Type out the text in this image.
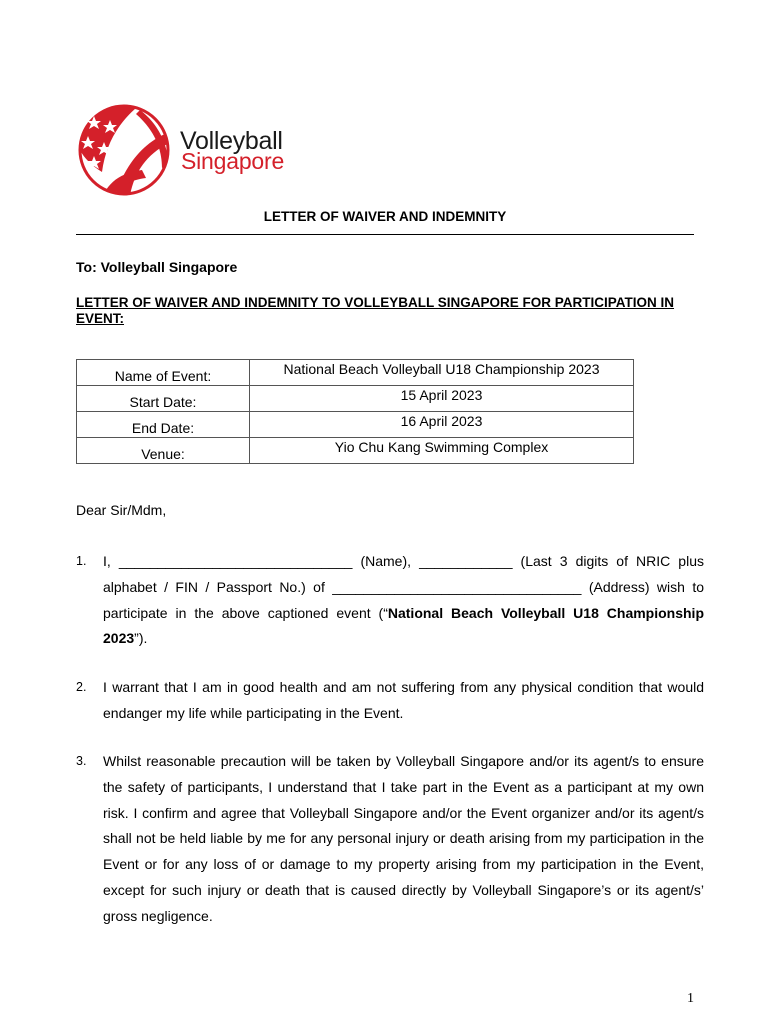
Volleyball
Singapore
LETTER OF WAIVER AND INDEMNITY
To: Volleyball Singapore
LETTER OF WAIVER AND INDEMNITY TO VOLLEYBALL SINGAPORE FOR PARTICIPATION IN EVENT:
Name of Event:	National Beach Volleyball U18 Championship 2023
Start Date:	15 April 2023
End Date:	16 April 2023
Venue:	Yio Chu Kang Swimming Complex
Dear Sir/Mdm,
1.	I, ______________________________ (Name), ____________ (Last 3 digits of NRIC plus alphabet / FIN / Passport No.) of ________________________________ (Address) wish to participate in the above captioned event (“National Beach Volleyball U18 Championship 2023”).
2.	I warrant that I am in good health and am not suffering from any physical condition that would endanger my life while participating in the Event.
3.	Whilst reasonable precaution will be taken by Volleyball Singapore and/or its agent/s to ensure the safety of participants, I understand that I take part in the Event as a participant at my own risk. I confirm and agree that Volleyball Singapore and/or the Event organizer and/or its agent/s shall not be held liable by me for any personal injury or death arising from my participation in the Event or for any loss of or damage to my property arising from my participation in the Event, except for such injury or death that is caused directly by Volleyball Singapore’s or its agent/s’ gross negligence.
1
